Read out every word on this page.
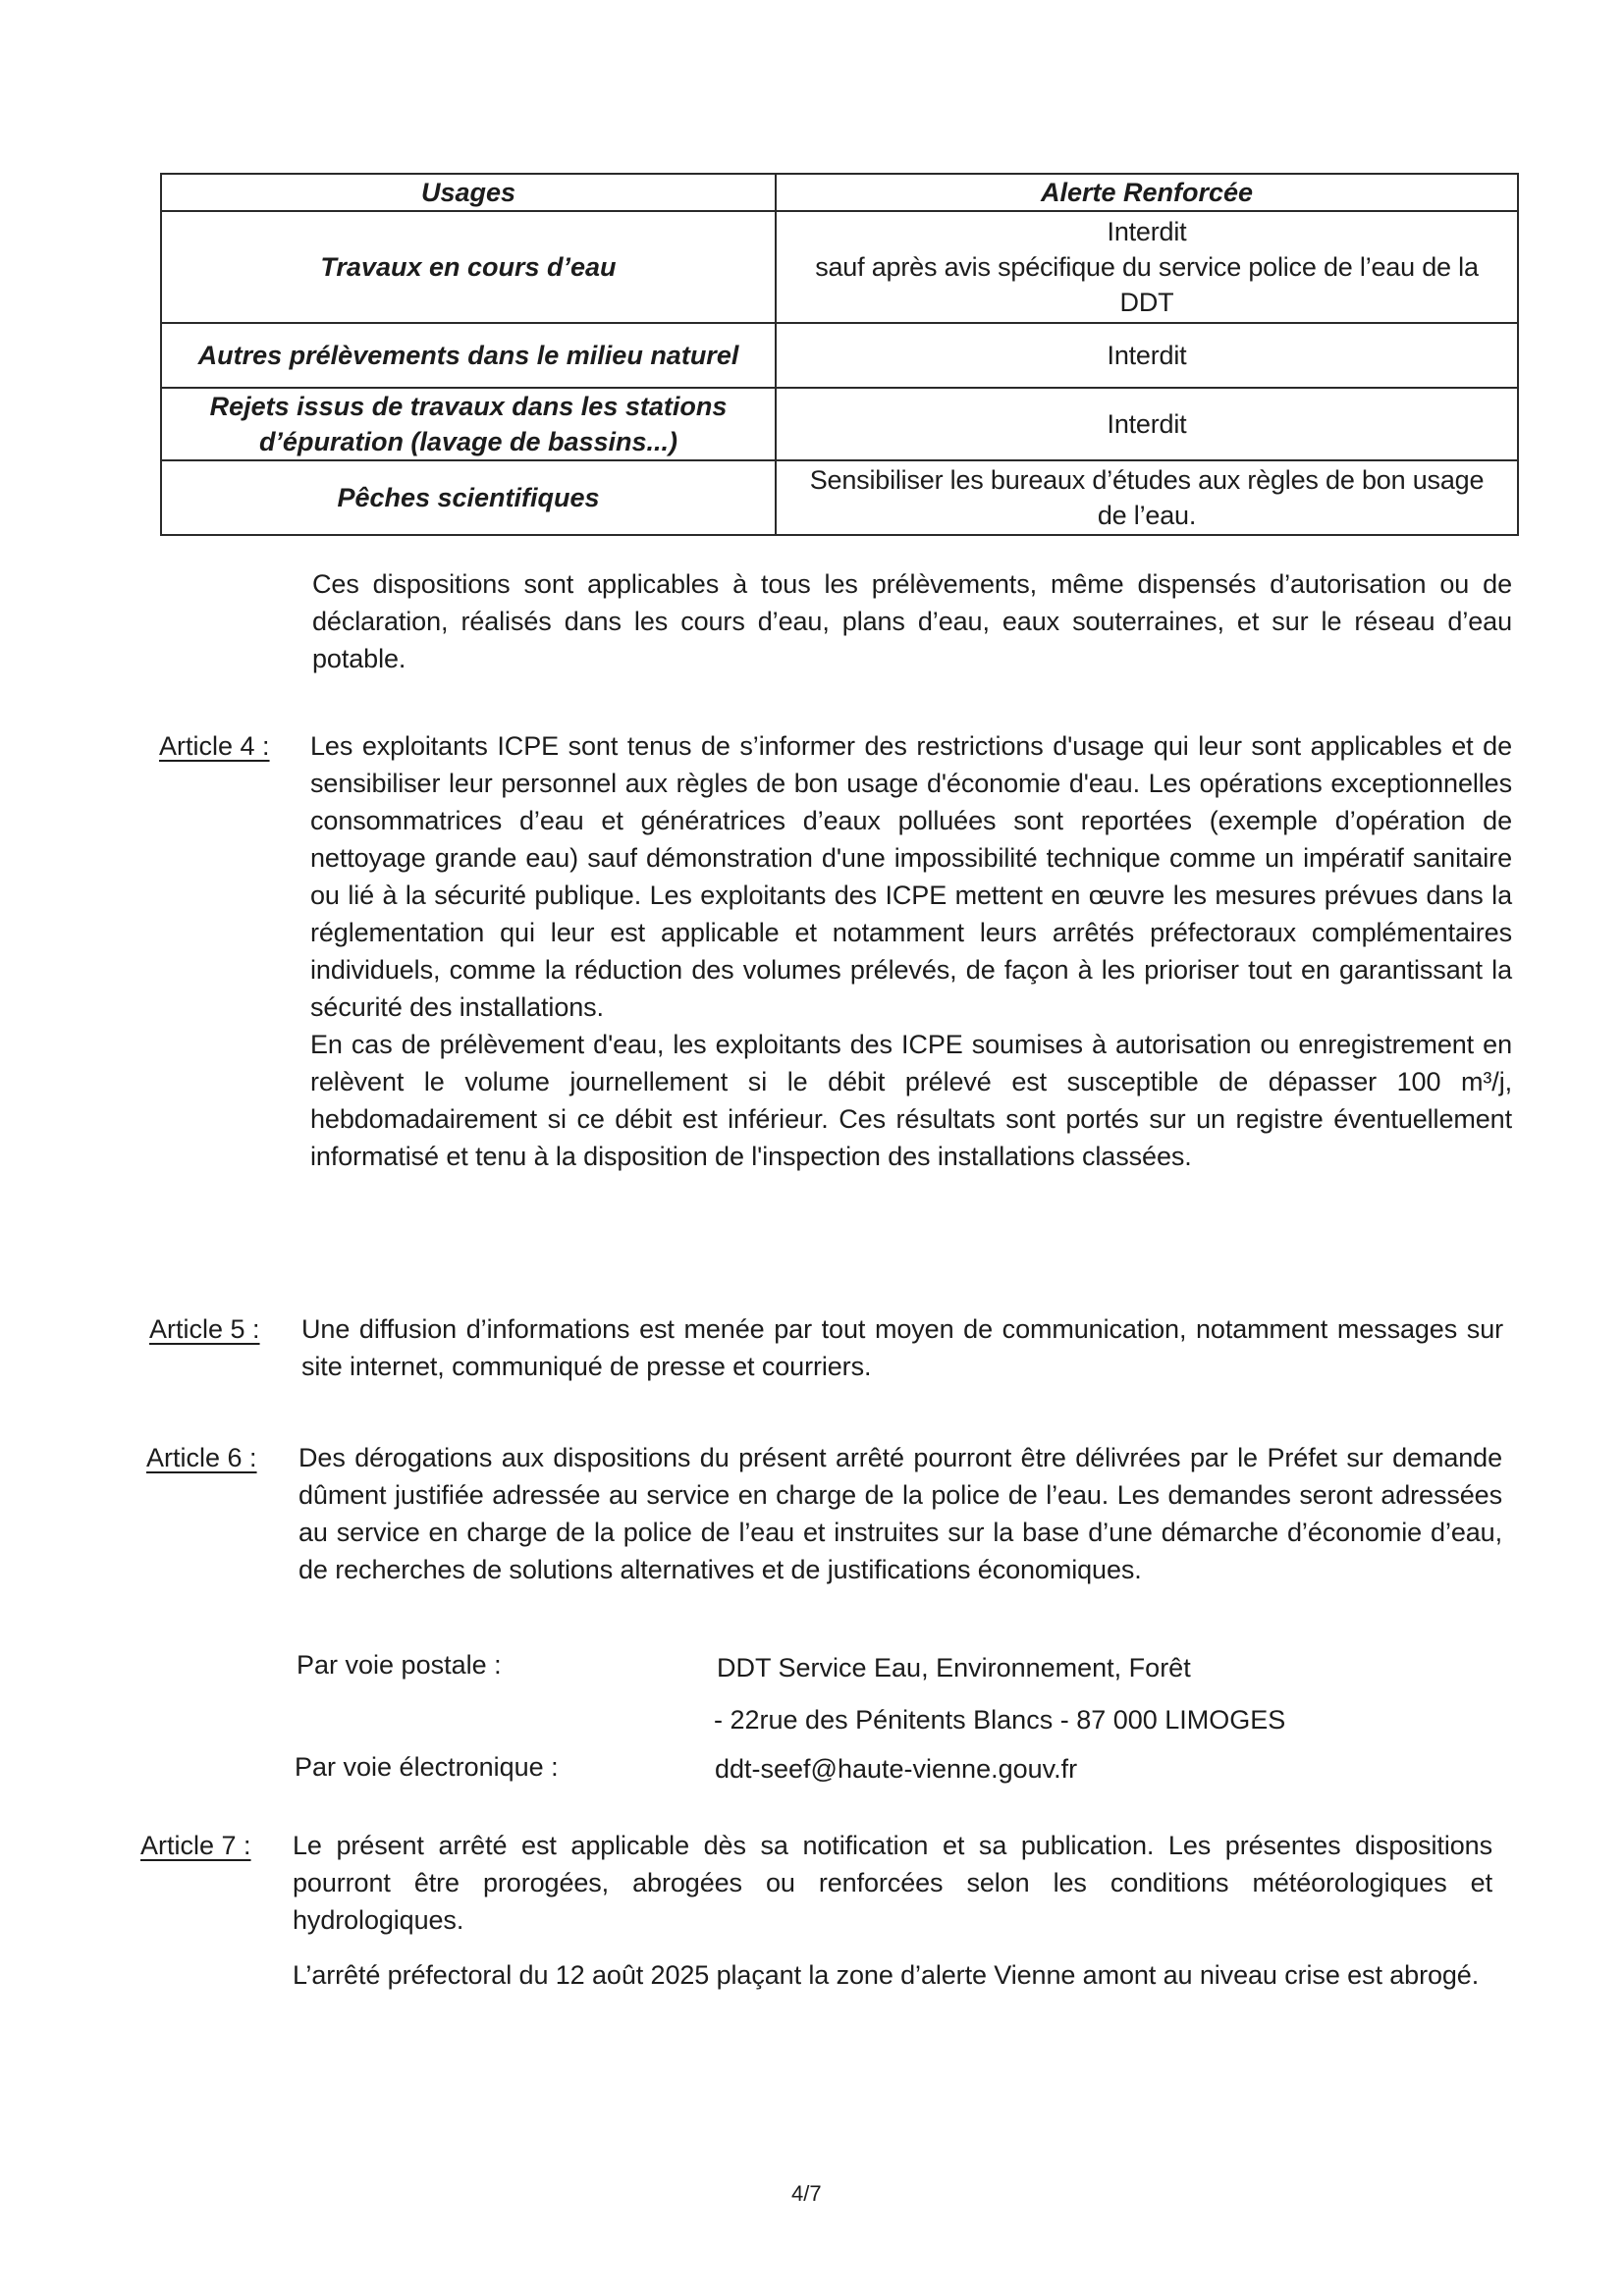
Usages	Alerte Renforcée
Travaux en cours d’eau	Interdit
sauf après avis spécifique du service police de l’eau de la
DDT

Autres prélèvements dans le milieu naturel	Interdit

Rejets issus de travaux dans les stations
d’épuration (lavage de bassins...)	Interdit

Pêches scientifiques	Sensibiliser les bureaux d’études aux règles de bon usage
de l’eau.

Ces dispositions sont applicables à tous les prélèvements, même dispensés d’autorisation ou de déclaration, réalisés dans les cours d’eau, plans d’eau, eaux souterraines, et sur le réseau d’eau potable.

Article 4 : Les exploitants ICPE sont tenus de s’informer des restrictions d'usage qui leur sont applicables et de sensibiliser leur personnel aux règles de bon usage d'économie d'eau. Les opérations exceptionnelles consommatrices d’eau et génératrices d’eaux polluées sont reportées (exemple d’opération de nettoyage grande eau) sauf démonstration d'une impossibilité technique comme un impératif sanitaire ou lié à la sécurité publique. Les exploitants des ICPE mettent en œuvre les mesures prévues dans la réglementation qui leur est applicable et notamment leurs arrêtés préfectoraux complémentaires individuels, comme la réduction des volumes prélevés, de façon à les prioriser tout en garantissant la sécurité des installations.

En cas de prélèvement d'eau, les exploitants des ICPE soumises à autorisation ou enregistrement en relèvent le volume journellement si le débit prélevé est susceptible de dépasser 100 m³/j, hebdomadairement si ce débit est inférieur. Ces résultats sont portés sur un registre éventuellement informatisé et tenu à la disposition de l'inspection des installations classées.

Article 5 : Une diffusion d’informations est menée par tout moyen de communication, notamment messages sur site internet, communiqué de presse et courriers.

Article 6 : Des dérogations aux dispositions du présent arrêté pourront être délivrées par le Préfet sur demande dûment justifiée adressée au service en charge de la police de l’eau. Les demandes seront adressées au service en charge de la police de l’eau et instruites sur la base d’une démarche d’économie d’eau, de recherches de solutions alternatives et de justifications économiques.

Par voie postale :	DDT Service Eau, Environnement, Forêt
- 22rue des Pénitents Blancs - 87 000 LIMOGES
Par voie électronique :	ddt-seef@haute-vienne.gouv.fr
Article 7 : Le présent arrêté est applicable dès sa notification et sa publication. Les présentes dispositions pourront être prorogées, abrogées ou renforcées selon les conditions météorologiques et hydrologiques.

L’arrêté préfectoral du 12 août 2025 plaçant la zone d’alerte Vienne amont au niveau crise est abrogé.

4/7
